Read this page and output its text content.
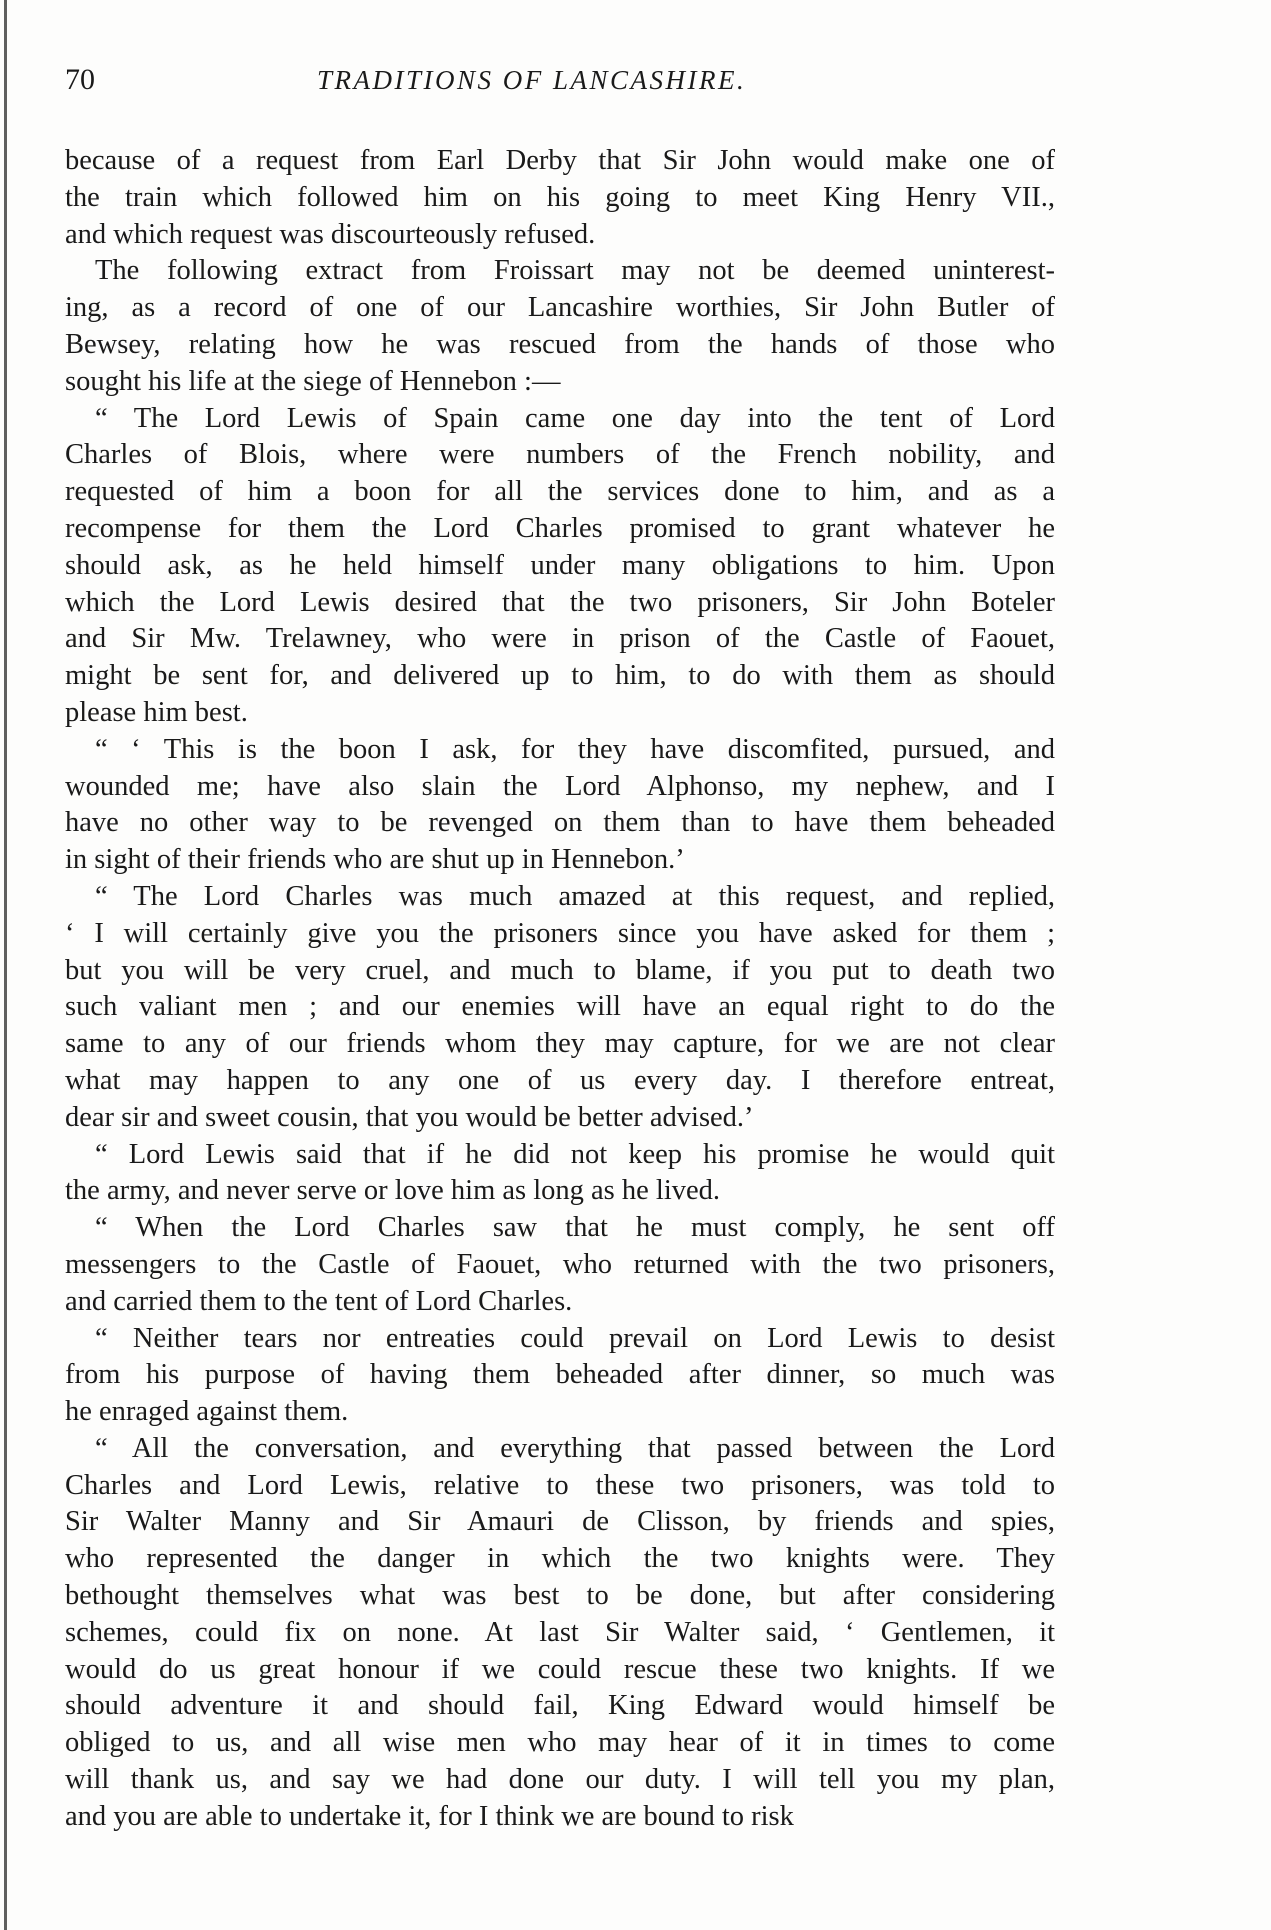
70	TRADITIONS OF LANCASHIRE.
because of a request from Earl Derby that Sir John would make one of
the train which followed him on his going to meet King Henry VII.,
and which request was discourteously refused.
The following extract from Froissart may not be deemed uninterest-
ing, as a record of one of our Lancashire worthies, Sir John Butler of
Bewsey, relating how he was rescued from the hands of those who
sought his life at the siege of Hennebon :—
“ The Lord Lewis of Spain came one day into the tent of Lord
Charles of Blois, where were numbers of the French nobility, and
requested of him a boon for all the services done to him, and as a
recompense for them the Lord Charles promised to grant whatever he
should ask, as he held himself under many obligations to him. Upon
which the Lord Lewis desired that the two prisoners, Sir John Boteler
and Sir Mw. Trelawney, who were in prison of the Castle of Faouet,
might be sent for, and delivered up to him, to do with them as should
please him best.
“ ‘ This is the boon I ask, for they have discomfited, pursued, and
wounded me; have also slain the Lord Alphonso, my nephew, and I
have no other way to be revenged on them than to have them beheaded
in sight of their friends who are shut up in Hennebon.’
“ The Lord Charles was much amazed at this request, and replied,
‘ I will certainly give you the prisoners since you have asked for them ;
but you will be very cruel, and much to blame, if you put to death two
such valiant men ; and our enemies will have an equal right to do the
same to any of our friends whom they may capture, for we are not clear
what may happen to any one of us every day. I therefore entreat,
dear sir and sweet cousin, that you would be better advised.’
“ Lord Lewis said that if he did not keep his promise he would quit
the army, and never serve or love him as long as he lived.
“ When the Lord Charles saw that he must comply, he sent off
messengers to the Castle of Faouet, who returned with the two prisoners,
and carried them to the tent of Lord Charles.
“ Neither tears nor entreaties could prevail on Lord Lewis to desist
from his purpose of having them beheaded after dinner, so much was
he enraged against them.
“ All the conversation, and everything that passed between the Lord
Charles and Lord Lewis, relative to these two prisoners, was told to
Sir Walter Manny and Sir Amauri de Clisson, by friends and spies,
who represented the danger in which the two knights were. They
bethought themselves what was best to be done, but after considering
schemes, could fix on none. At last Sir Walter said, ‘ Gentlemen, it
would do us great honour if we could rescue these two knights. If we
should adventure it and should fail, King Edward would himself be
obliged to us, and all wise men who may hear of it in times to come
will thank us, and say we had done our duty. I will tell you my plan,
and you are able to undertake it, for I think we are bound to risk
